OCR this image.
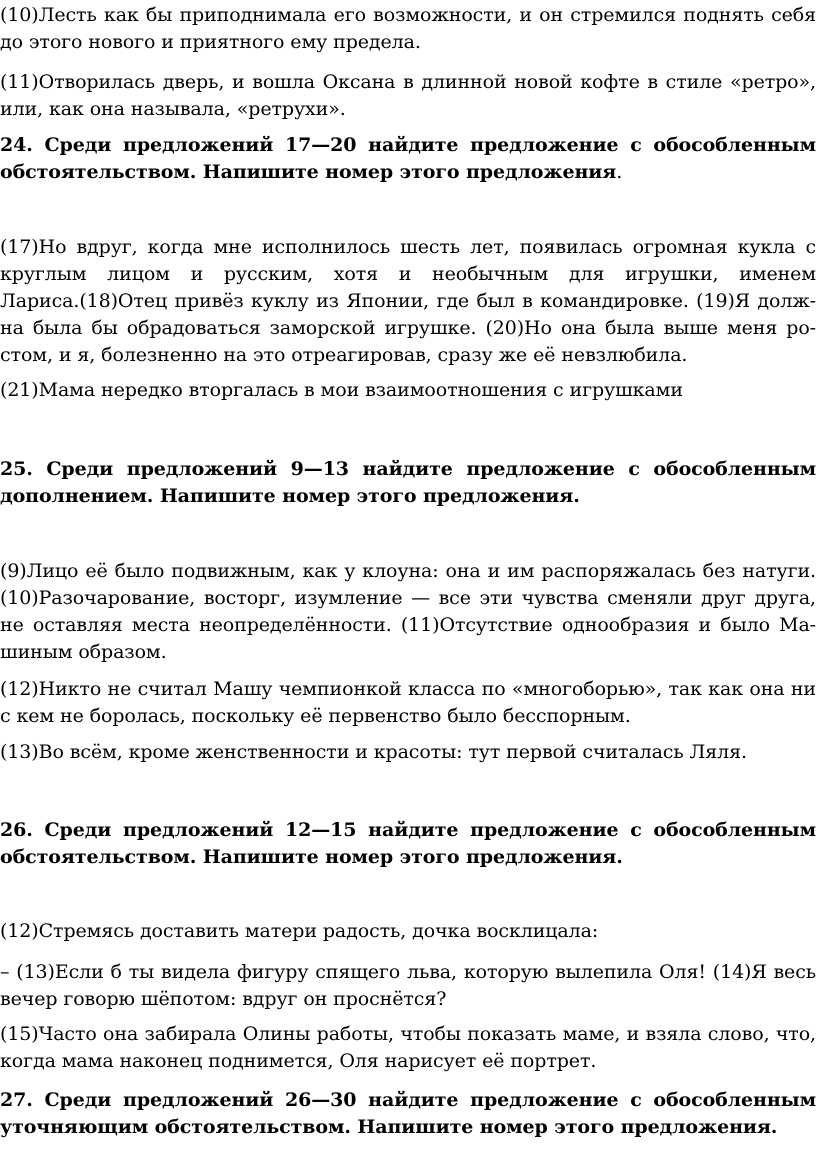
(10)Лесть как бы приподнимала его возможности, и он стремился поднять себя
до этого нового и приятного ему предела.

(11)Отворилась дверь, и вошла Оксана в длинной новой кофте в стиле «ретро»,
или, как она называла, «ретрухи».

24. Среди предложений 17—20 найдите предложение с обособленным
обстоятельством. Напишите номер этого предложения.

(17)Но вдруг, когда мне исполнилось шесть лет, появилась огромная кукла с
круглым лицом и русским, хотя и необычным для игрушки, именем
Лариса.(18)Отец привёз куклу из Японии, где был в командировке. (19)Я долж-
на была бы обрадоваться заморской игрушке. (20)Но она была выше меня ро-
стом, и я, болезненно на это отреагировав, сразу же её невзлюбила.

(21)Мама нередко вторгалась в мои взаимоотношения с игрушками

25. Среди предложений 9—13 найдите предложение с обособленным
дополнением. Напишите номер этого предложения.

(9)Лицо её было подвижным, как у клоуна: она и им распоряжалась без натуги.
(10)Разочарование, восторг, изумление — все эти чувства сменяли друг друга,
не оставляя места неопределённости. (11)Отсутствие однообразия и было Ма-
шиным образом.

(12)Никто не считал Машу чемпионкой класса по «многоборью», так как она ни
с кем не боролась, поскольку её первенство было бесспорным.

(13)Во всём, кроме женственности и красоты: тут первой считалась Ляля.

26. Среди предложений 12—15 найдите предложение с обособленным
обстоятельством. Напишите номер этого предложения.

(12)Стремясь доставить матери радость, дочка восклицала:

– (13)Если б ты видела фигуру спящего льва, которую вылепила Оля! (14)Я весь
вечер говорю шёпотом: вдруг он проснётся?

(15)Часто она забирала Олины работы, чтобы показать маме, и взяла слово, что,
когда мама наконец поднимется, Оля нарисует её портрет.

27. Среди предложений 26—30 найдите предложение с обособленным
уточняющим обстоятельством. Напишите номер этого предложения.
